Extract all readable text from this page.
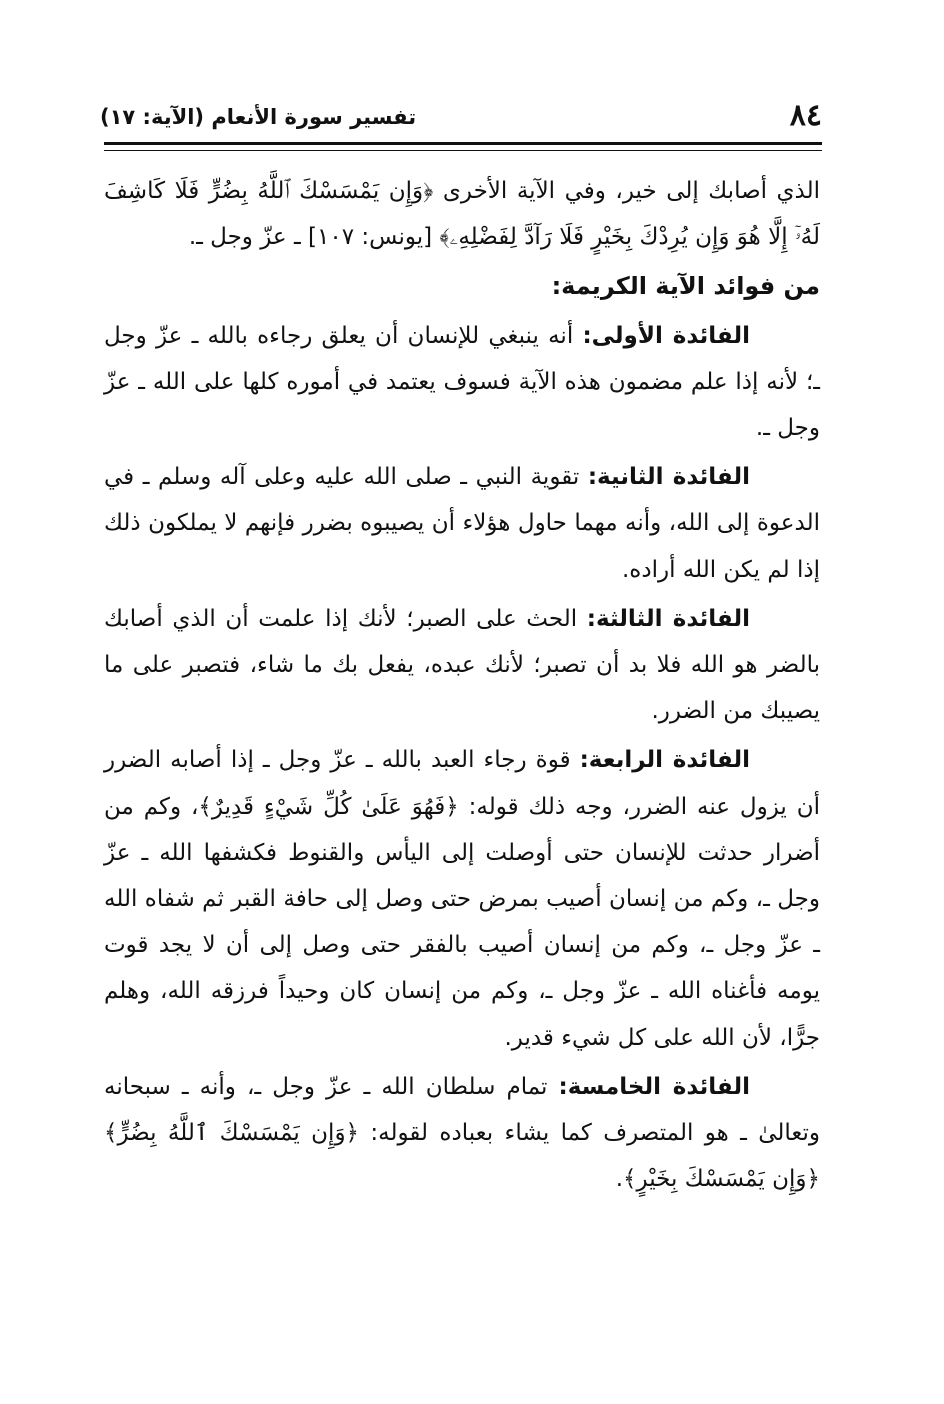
٨٤
تفسير سورة الأنعام (الآية: ١٧)

الذي أصابك إلى خير، وفي الآية الأخرى ﴿وَإِن يَمْسَسْكَ ٱللَّهُ بِضُرٍّ فَلَا كَاشِفَ لَهُۥٓ إِلَّا هُوَ وَإِن يُرِدْكَ بِخَيْرٍ فَلَا رَآدَّ لِفَضْلِهِۦ﴾ [يونس: ١٠٧] ـ عزّ وجل ـ.

من فوائد الآية الكريمة:

الفائدة الأولى: أنه ينبغي للإنسان أن يعلق رجاءه بالله ـ عزّ وجل ـ؛ لأنه إذا علم مضمون هذه الآية فسوف يعتمد في أموره كلها على الله ـ عزّ وجل ـ.

الفائدة الثانية: تقوية النبي ـ صلى الله عليه وعلى آله وسلم ـ في الدعوة إلى الله، وأنه مهما حاول هؤلاء أن يصيبوه بضرر فإنهم لا يملكون ذلك إذا لم يكن الله أراده.

الفائدة الثالثة: الحث على الصبر؛ لأنك إذا علمت أن الذي أصابك بالضر هو الله فلا بد أن تصبر؛ لأنك عبده، يفعل بك ما شاء، فتصبر على ما يصيبك من الضرر.

الفائدة الرابعة: قوة رجاء العبد بالله ـ عزّ وجل ـ إذا أصابه الضرر أن يزول عنه الضرر، وجه ذلك قوله: ﴿فَهُوَ عَلَىٰ كُلِّ شَيْءٍ قَدِيرٌ﴾، وكم من أضرار حدثت للإنسان حتى أوصلت إلى اليأس والقنوط فكشفها الله ـ عزّ وجل ـ، وكم من إنسان أصيب بمرض حتى وصل إلى حافة القبر ثم شفاه الله ـ عزّ وجل ـ، وكم من إنسان أصيب بالفقر حتى وصل إلى أن لا يجد قوت يومه فأغناه الله ـ عزّ وجل ـ، وكم من إنسان كان وحيداً فرزقه الله، وهلم جرًّا، لأن الله على كل شيء قدير.

الفائدة الخامسة: تمام سلطان الله ـ عزّ وجل ـ، وأنه ـ سبحانه وتعالىٰ ـ هو المتصرف كما يشاء بعباده لقوله: ﴿وَإِن يَمْسَسْكَ ٱللَّهُ بِضُرٍّ﴾ ﴿وَإِن يَمْسَسْكَ بِخَيْرٍ﴾.
